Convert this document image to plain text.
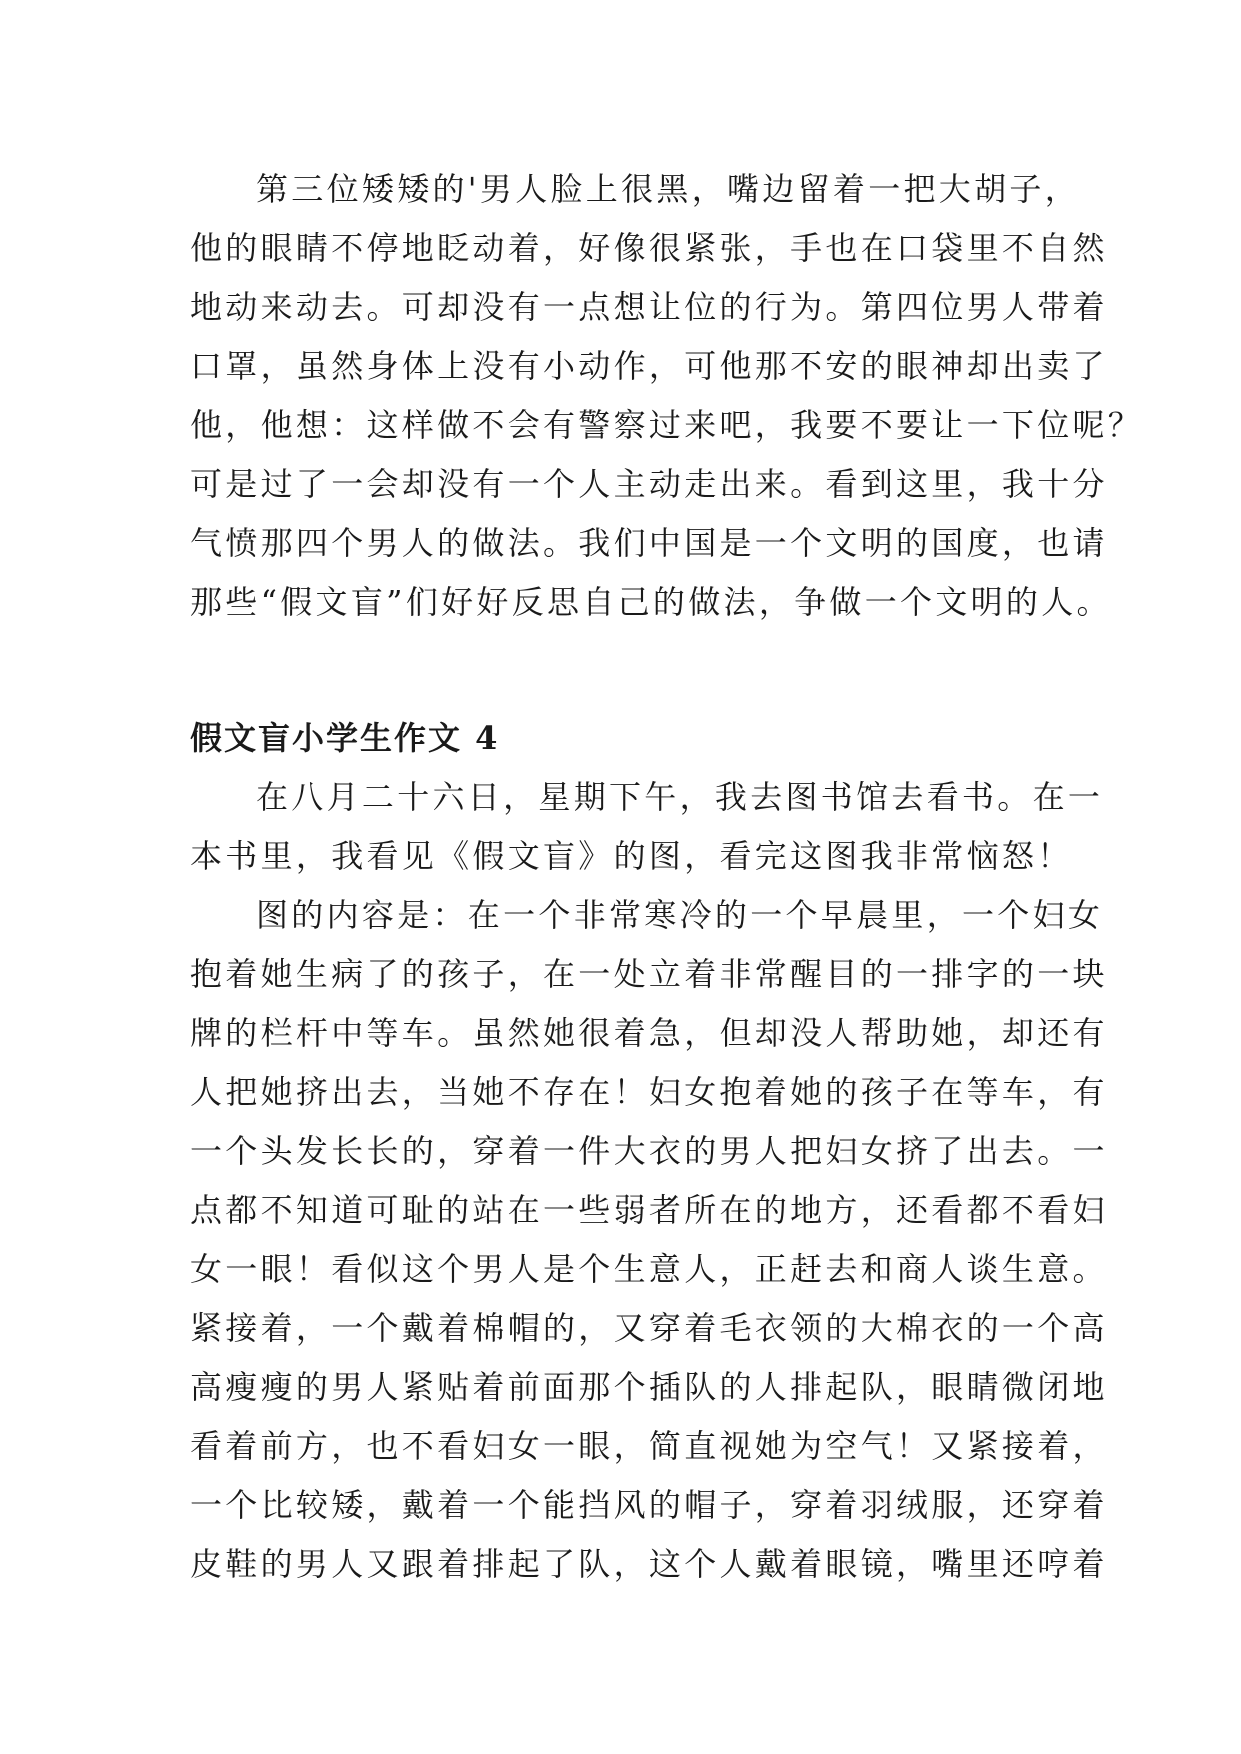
第三位矮矮的'男人脸上很黑，嘴边留着一把大胡子，
他的眼睛不停地眨动着，好像很紧张，手也在口袋里不自然
地动来动去。可却没有一点想让位的行为。第四位男人带着
口罩，虽然身体上没有小动作，可他那不安的眼神却出卖了
他，他想：这样做不会有警察过来吧，我要不要让一下位呢？
可是过了一会却没有一个人主动走出来。看到这里，我十分
气愤那四个男人的做法。我们中国是一个文明的国度，也请
那些“假文盲”们好好反思自己的做法，争做一个文明的人。

假文盲小学生作文 4

在八月二十六日，星期下午，我去图书馆去看书。在一
本书里，我看见《假文盲》的图，看完这图我非常恼怒！

图的内容是：在一个非常寒冷的一个早晨里，一个妇女
抱着她生病了的孩子，在一处立着非常醒目的一排字的一块
牌的栏杆中等车。虽然她很着急，但却没人帮助她，却还有
人把她挤出去，当她不存在！妇女抱着她的孩子在等车，有
一个头发长长的，穿着一件大衣的男人把妇女挤了出去。一
点都不知道可耻的站在一些弱者所在的地方，还看都不看妇
女一眼！看似这个男人是个生意人，正赶去和商人谈生意。
紧接着，一个戴着棉帽的，又穿着毛衣领的大棉衣的一个高
高瘦瘦的男人紧贴着前面那个插队的人排起队，眼睛微闭地
看着前方，也不看妇女一眼，简直视她为空气！又紧接着，
一个比较矮，戴着一个能挡风的帽子，穿着羽绒服，还穿着
皮鞋的男人又跟着排起了队，这个人戴着眼镜，嘴里还哼着
